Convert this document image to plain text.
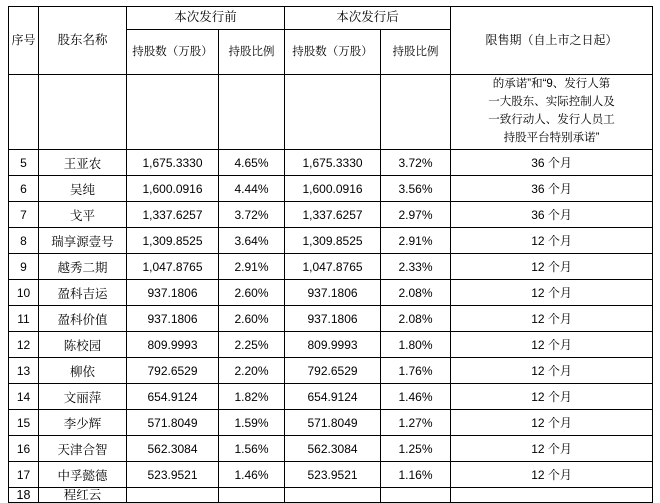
序号	股东名称	本次发行前		本次发行后		限售期（自上市之日起）
		持股数（万股）	持股比例	持股数（万股）	持股比例	

						的承诺”和“9、发行人第
一大股东、实际控制人及
一致行动人、发行人员工
持股平台特别承诺”

5	王亚农	1,675.3330	4.65%	1,675.3330	3.72%	36 个月
6	吴纯	1,600.0916	4.44%	1,600.0916	3.56%	36 个月
7	戈平	1,337.6257	3.72%	1,337.6257	2.97%	36 个月
8	瑞享源壹号	1,309.8525	3.64%	1,309.8525	2.91%	12 个月
9	越秀二期	1,047.8765	2.91%	1,047.8765	2.33%	12 个月
10	盈科吉运	937.1806	2.60%	937.1806	2.08%	12 个月
11	盈科价值	937.1806	2.60%	937.1806	2.08%	12 个月
12	陈校园	809.9993	2.25%	809.9993	1.80%	12 个月
13	柳依	792.6529	2.20%	792.6529	1.76%	12 个月
14	文丽萍	654.9124	1.82%	654.9124	1.46%	12 个月
15	李少辉	571.8049	1.59%	571.8049	1.27%	12 个月
16	天津合智	562.3084	1.56%	562.3084	1.25%	12 个月
17	中孚懿德	523.9521	1.46%	523.9521	1.16%	12 个月

18	程红云					
